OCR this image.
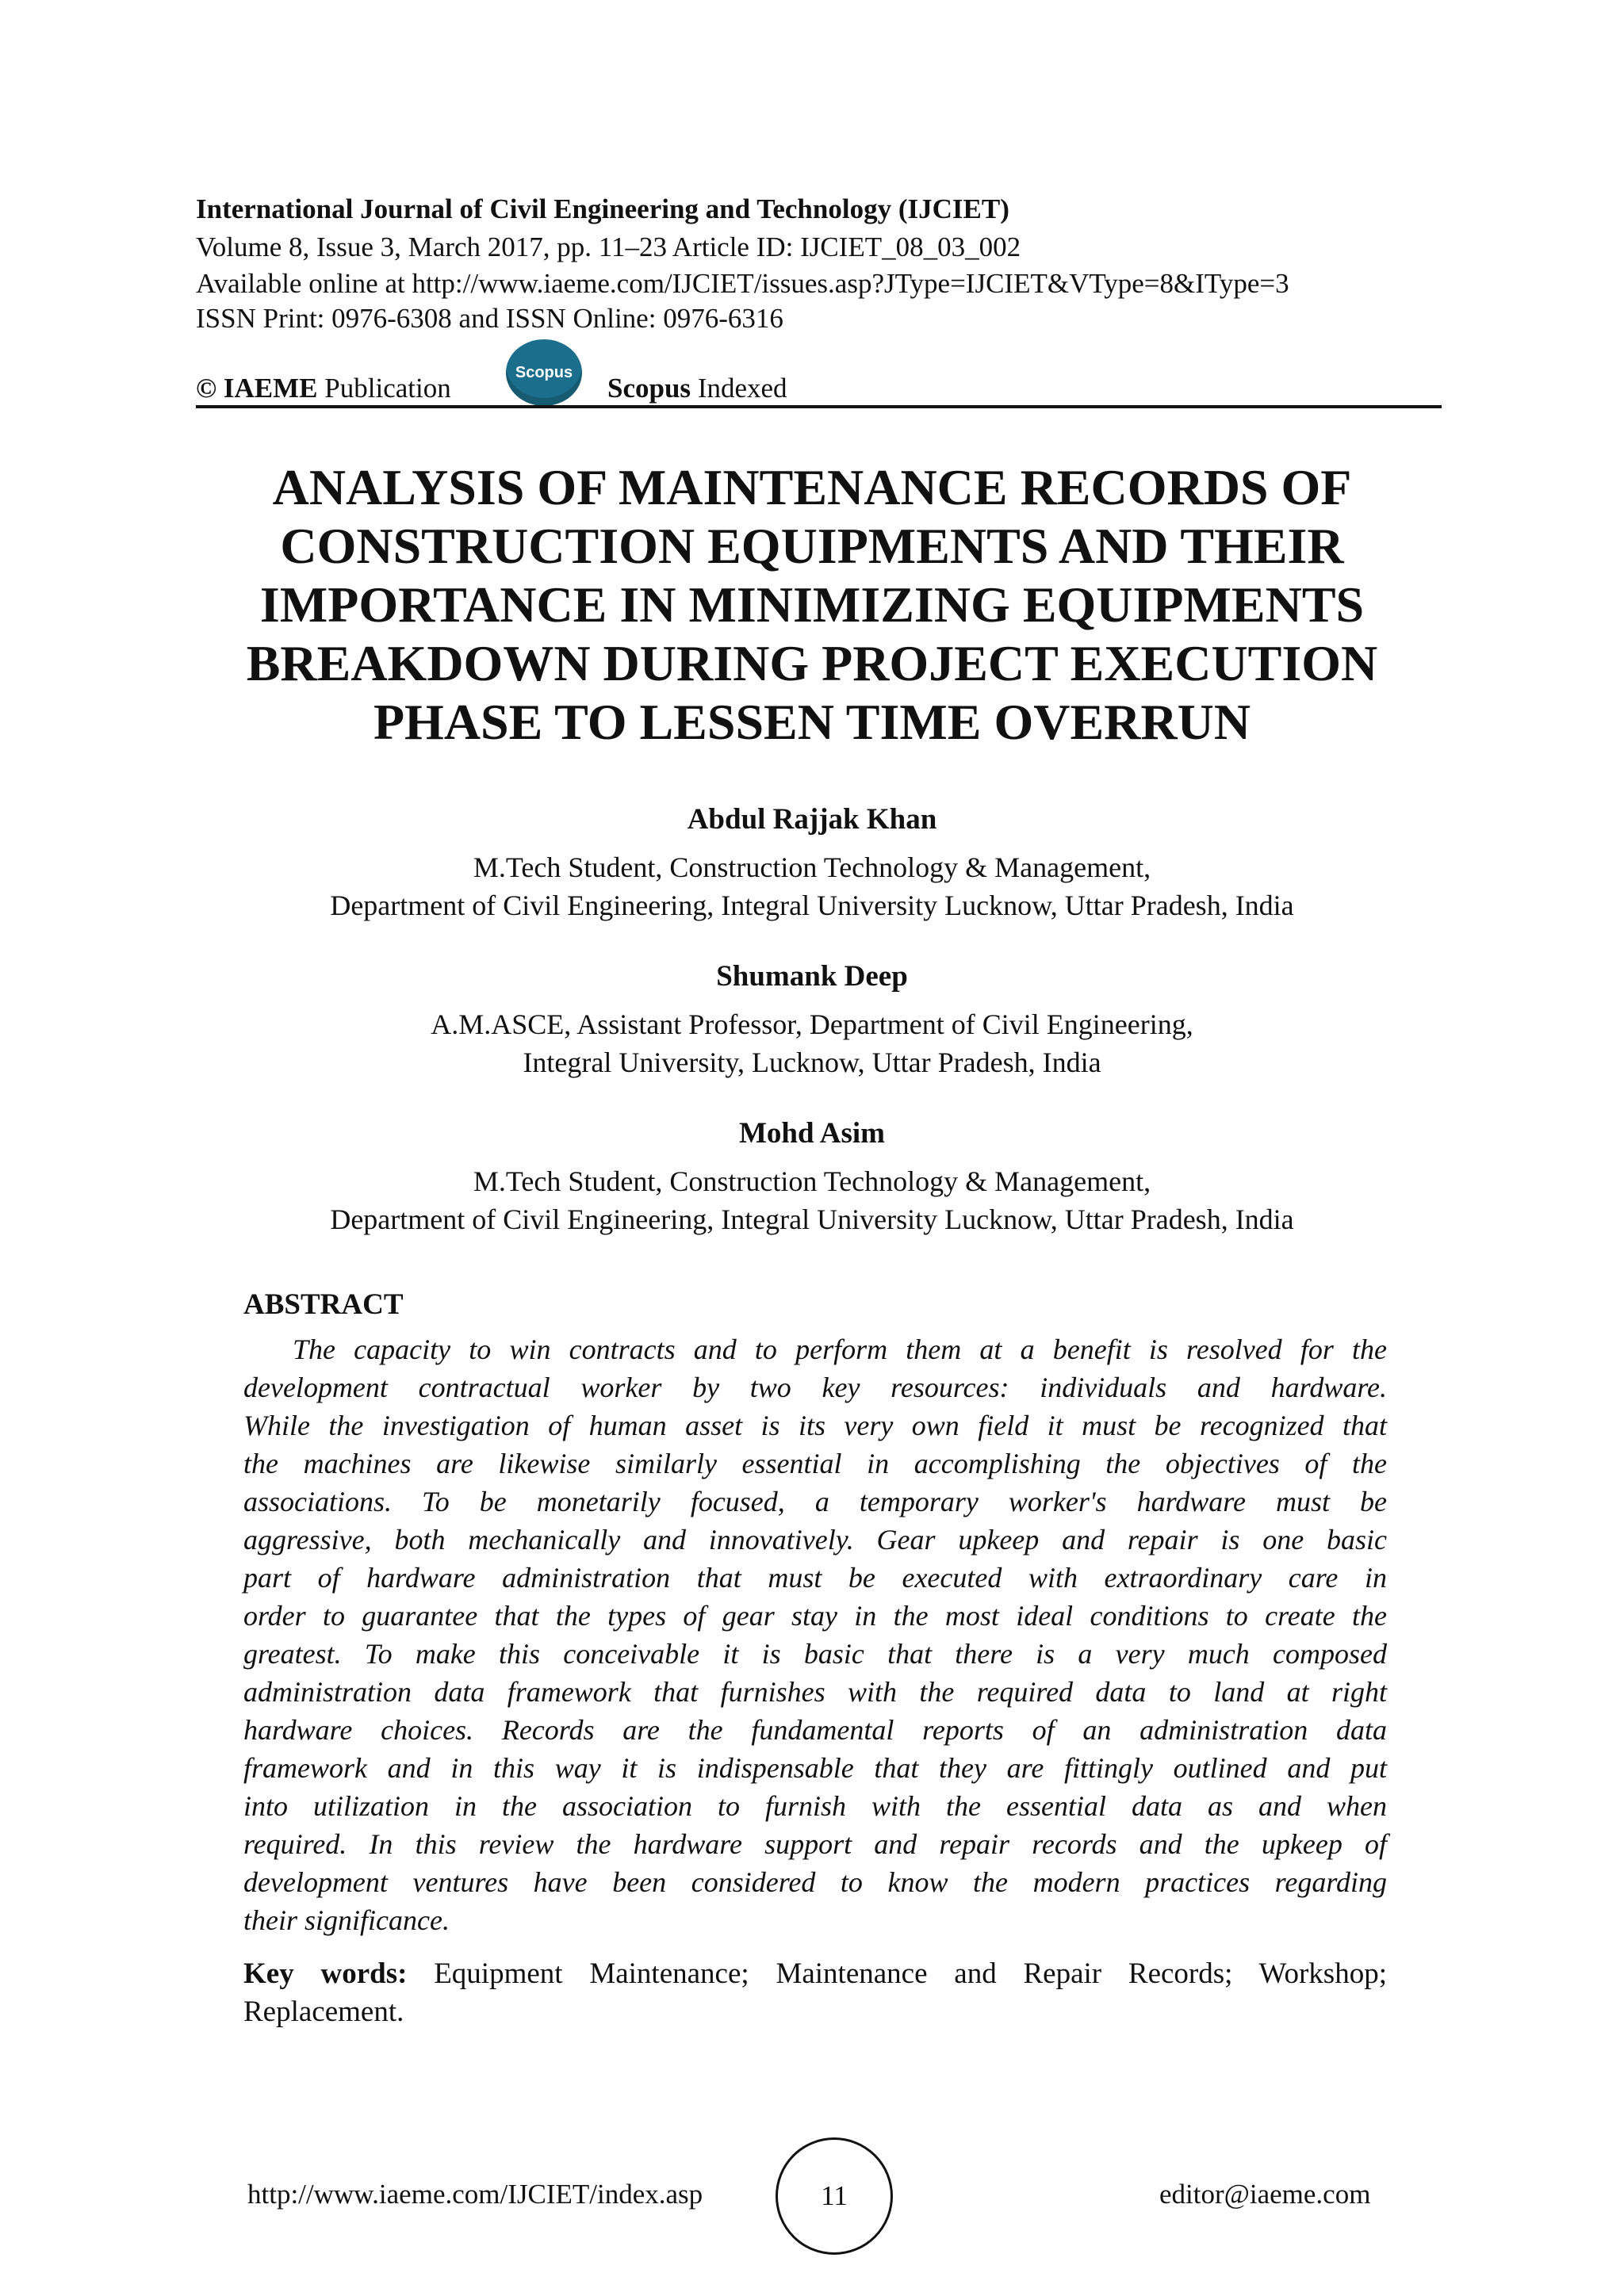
International Journal of Civil Engineering and Technology (IJCIET)
Volume 8, Issue 3, March 2017, pp. 11–23 Article ID: IJCIET_08_03_002
Available online at http://www.iaeme.com/IJCIET/issues.asp?JType=IJCIET&VType=8&IType=3
ISSN Print: 0976-6308 and ISSN Online: 0976-6316
© IAEME Publication
Scopus
Scopus Indexed
ANALYSIS OF MAINTENANCE RECORDS OF
CONSTRUCTION EQUIPMENTS AND THEIR
IMPORTANCE IN MINIMIZING EQUIPMENTS
BREAKDOWN DURING PROJECT EXECUTION
PHASE TO LESSEN TIME OVERRUN
Abdul Rajjak Khan
M.Tech Student, Construction Technology & Management,
Department of Civil Engineering, Integral University Lucknow, Uttar Pradesh, India
Shumank Deep
A.M.ASCE, Assistant Professor, Department of Civil Engineering,
Integral University, Lucknow, Uttar Pradesh, India
Mohd Asim
M.Tech Student, Construction Technology & Management,
Department of Civil Engineering, Integral University Lucknow, Uttar Pradesh, India
ABSTRACT
The capacity to win contracts and to perform them at a benefit is resolved for the
development contractual worker by two key resources: individuals and hardware.
While the investigation of human asset is its very own field it must be recognized that
the machines are likewise similarly essential in accomplishing the objectives of the
associations. To be monetarily focused, a temporary worker's hardware must be
aggressive, both mechanically and innovatively. Gear upkeep and repair is one basic
part of hardware administration that must be executed with extraordinary care in
order to guarantee that the types of gear stay in the most ideal conditions to create the
greatest. To make this conceivable it is basic that there is a very much composed
administration data framework that furnishes with the required data to land at right
hardware choices. Records are the fundamental reports of an administration data
framework and in this way it is indispensable that they are fittingly outlined and put
into utilization in the association to furnish with the essential data as and when
required. In this review the hardware support and repair records and the upkeep of
development ventures have been considered to know the modern practices regarding
their significance.
Key words: Equipment Maintenance; Maintenance and Repair Records; Workshop;
Replacement.
http://www.iaeme.com/IJCIET/index.asp	11	editor@iaeme.com
